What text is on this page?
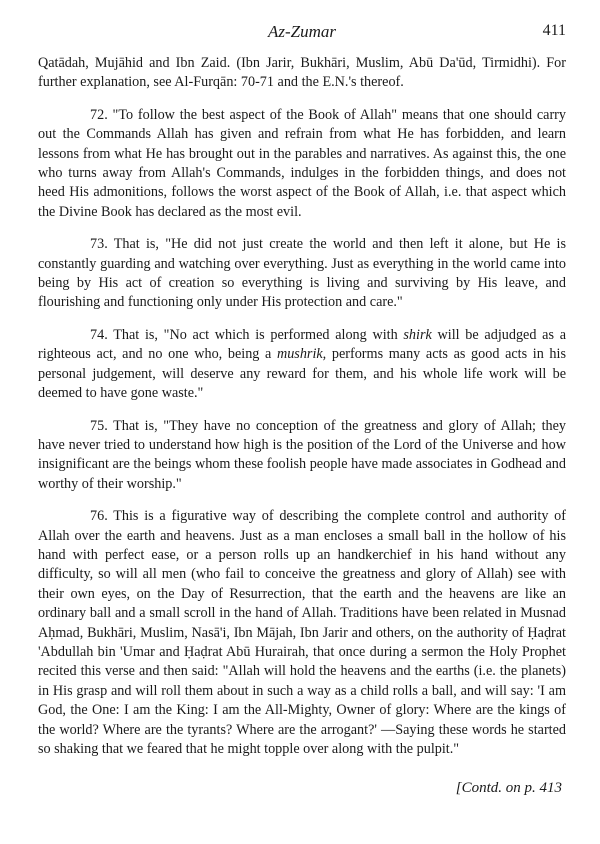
Az-Zumar	411

Qatādah, Mujāhid and Ibn Zaid. (Ibn Jarir, Bukhāri, Muslim, Abū Da'ūd, Tirmidhi). For further explanation, see Al-Furqān: 70-71 and the E.N.'s thereof.

72. "To follow the best aspect of the Book of Allah" means that one should carry out the Commands Allah has given and refrain from what He has forbidden, and learn lessons from what He has brought out in the parables and narratives. As against this, the one who turns away from Allah's Commands, indulges in the forbidden things, and does not heed His admonitions, follows the worst aspect of the Book of Allah, i.e. that aspect which the Divine Book has declared as the most evil.

73. That is, "He did not just create the world and then left it alone, but He is constantly guarding and watching over everything. Just as everything in the world came into being by His act of creation so everything is living and surviving by His leave, and flourishing and functioning only under His protection and care."

74. That is, "No act which is performed along with shirk will be adjudged as a righteous act, and no one who, being a mushrik, performs many acts as good acts in his personal judgement, will deserve any reward for them, and his whole life work will be deemed to have gone waste."

75. That is, "They have no conception of the greatness and glory of Allah; they have never tried to understand how high is the position of the Lord of the Universe and how insignificant are the beings whom these foolish people have made associates in Godhead and worthy of their worship."

76. This is a figurative way of describing the complete control and authority of Allah over the earth and heavens. Just as a man encloses a small ball in the hollow of his hand with perfect ease, or a person rolls up an handkerchief in his hand without any difficulty, so will all men (who fail to conceive the greatness and glory of Allah) see with their own eyes, on the Day of Resurrection, that the earth and the heavens are like an ordinary ball and a small scroll in the hand of Allah. Traditions have been related in Musnad Aḥmad, Bukhāri, Muslim, Nasā'i, Ibn Mājah, Ibn Jarir and others, on the authority of Ḥaḍrat 'Abdullah bin 'Umar and Ḥaḍrat Abū Hurairah, that once during a sermon the Holy Prophet recited this verse and then said: "Allah will hold the heavens and the earths (i.e. the planets) in His grasp and will roll them about in such a way as a child rolls a ball, and will say: 'I am God, the One: I am the King: I am the All-Mighty, Owner of glory: Where are the kings of the world? Where are the tyrants? Where are the arrogant?' —Saying these words he started so shaking that we feared that he might topple over along with the pulpit."

[Contd. on p. 413
